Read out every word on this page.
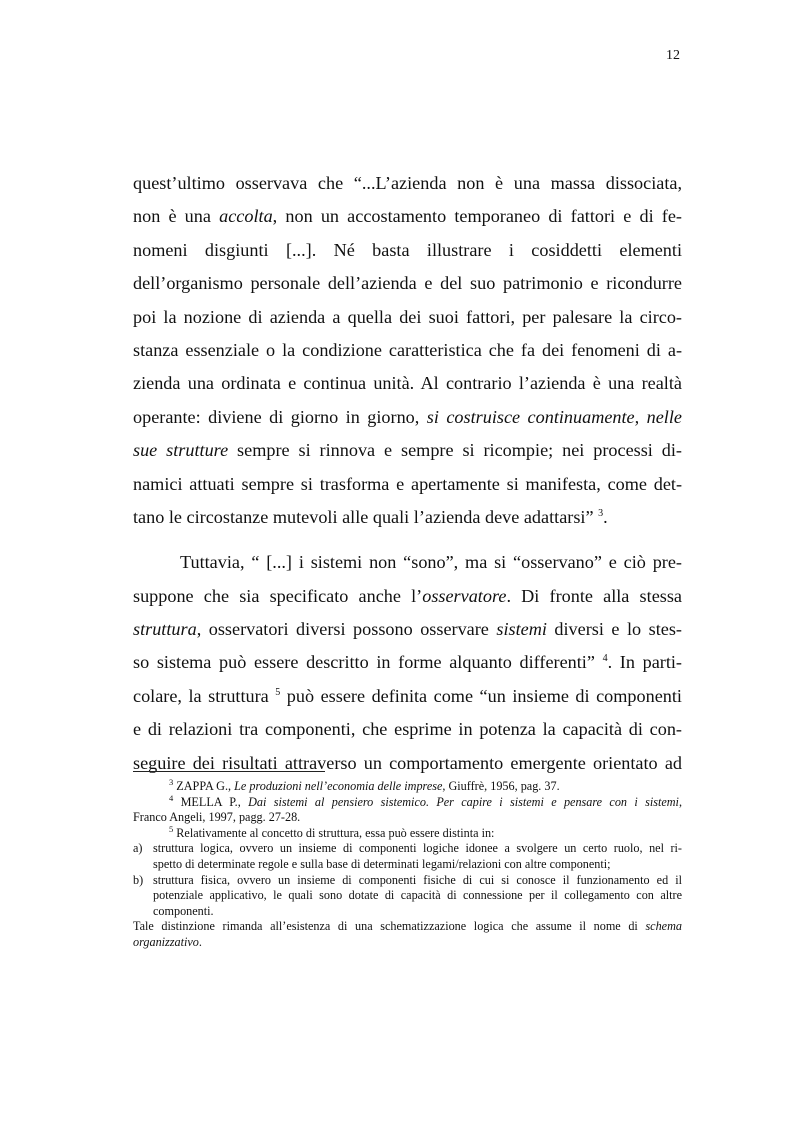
12
quest’ultimo osservava che “...L’azienda non è una massa dissociata,
non è una accolta, non un accostamento temporaneo di fattori e di fe-
nomeni disgiunti [...]. Né basta illustrare i cosiddetti elementi
dell’organismo personale dell’azienda e del suo patrimonio e ricondurre
poi la nozione di azienda a quella dei suoi fattori, per palesare la circo-
stanza essenziale o la condizione caratteristica che fa dei fenomeni di a-
zienda una ordinata e continua unità. Al contrario l’azienda è una realtà
operante: diviene di giorno in giorno, si costruisce continuamente, nelle
sue strutture sempre si rinnova e sempre si ricompie; nei processi di-
namici attuati sempre si trasforma e apertamente si manifesta, come det-
tano le circostanze mutevoli alle quali l’azienda deve adattarsi” $^3$.
Tuttavia, “ [...] i sistemi non “sono”, ma si “osservano” e ciò pre-
suppone che sia specificato anche l’osservatore. Di fronte alla stessa
struttura, osservatori diversi possono osservare sistemi diversi e lo stes-
so sistema può essere descritto in forme alquanto differenti” $^4$. In parti-
colare, la struttura $^5$ può essere definita come “un insieme di componenti
e di relazioni tra componenti, che esprime in potenza la capacità di con-
seguire dei risultati attraverso un comportamento emergente orientato ad
$^3$ ZAPPA G., Le produzioni nell’economia delle imprese, Giuffrè, 1956, pag. 37.
$^4$ MELLA P., Dai sistemi al pensiero sistemico. Per capire i sistemi e pensare con i sistemi,
Franco Angeli, 1997, pagg. 27-28.
$^5$ Relativamente al concetto di struttura, essa può essere distinta in:
a) struttura logica, ovvero un insieme di componenti logiche idonee a svolgere un certo ruolo, nel ri-
spetto di determinate regole e sulla base di determinati legami/relazioni con altre componenti;
b) struttura fisica, ovvero un insieme di componenti fisiche di cui si conosce il funzionamento ed il
potenziale applicativo, le quali sono dotate di capacità di connessione per il collegamento con altre
componenti.
Tale distinzione rimanda all’esistenza di una schematizzazione logica che assume il nome di schema
organizzativo.
